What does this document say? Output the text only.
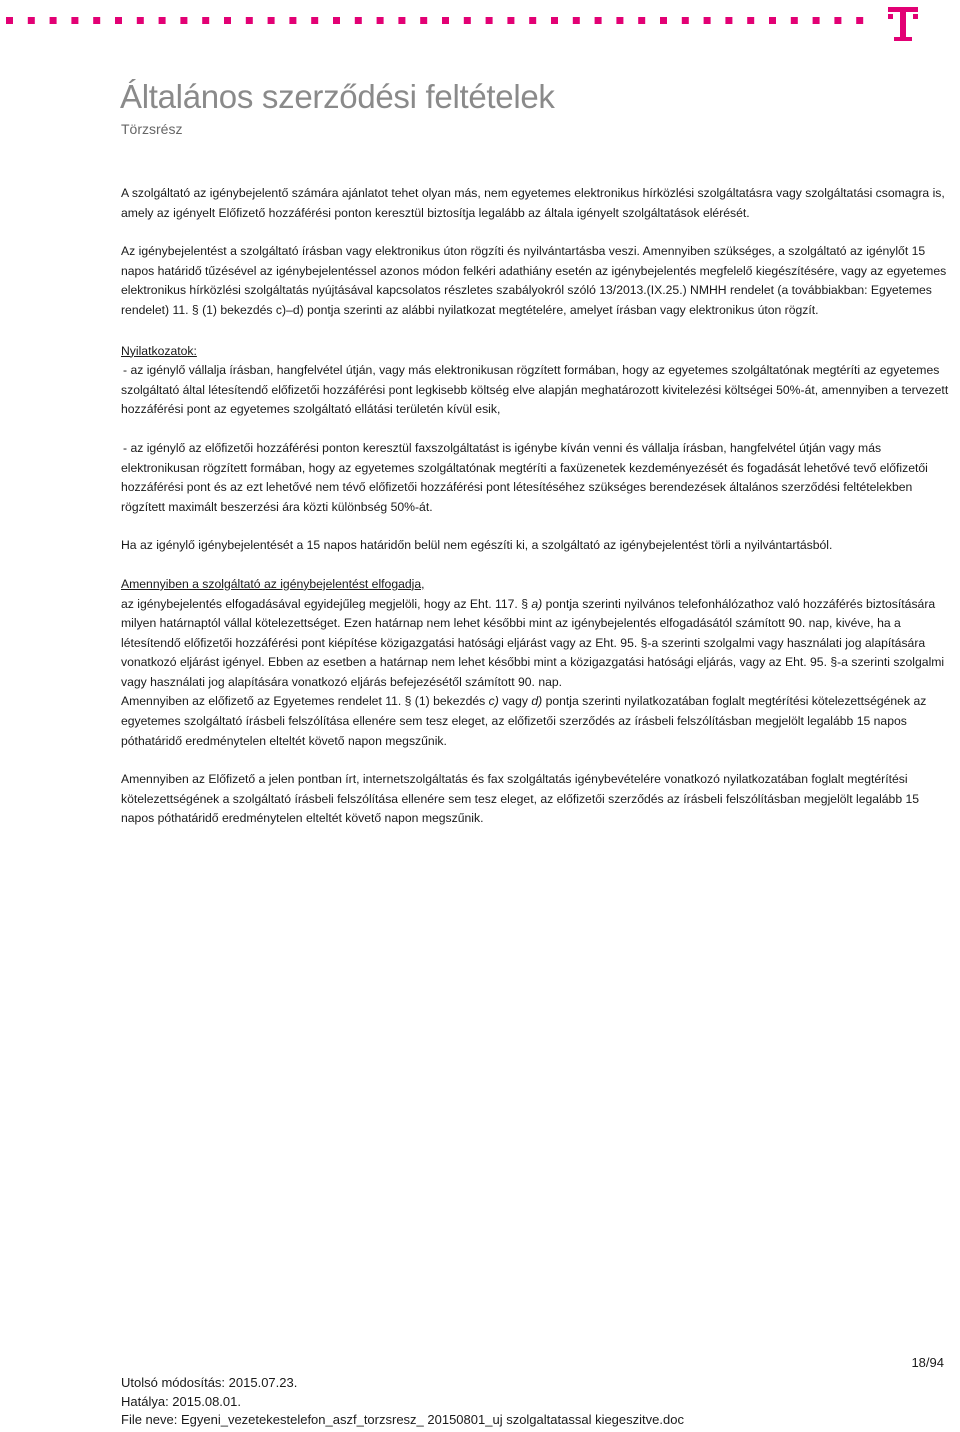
Általános szerződési feltételek
Törzsrész

A szolgáltató az igénybejelentő számára ajánlatot tehet olyan más, nem egyetemes elektronikus hírközlési szolgáltatásra vagy szolgáltatási csomagra is, amely az igényelt Előfizető hozzáférési ponton keresztül biztosítja legalább az általa igényelt szolgáltatások elérését.

Az igénybejelentést a szolgáltató írásban vagy elektronikus úton rögzíti és nyilvántartásba veszi. Amennyiben szükséges, a szolgáltató az igénylőt 15 napos határidő tűzésével az igénybejelentéssel azonos módon felkéri adathiány esetén az igénybejelentés megfelelő kiegészítésére, vagy az egyetemes elektronikus hírközlési szolgáltatás nyújtásával kapcsolatos részletes szabályokról szóló 13/2013.(IX.25.) NMHH rendelet (a továbbiakban: Egyetemes rendelet) 11. § (1) bekezdés c)–d) pontja szerinti az alábbi nyilatkozat megtételére, amelyet írásban vagy elektronikus úton rögzít.

Nyilatkozatok:

- az igénylő vállalja írásban, hangfelvétel útján, vagy más elektronikusan rögzített formában, hogy az egyetemes szolgáltatónak megtéríti az egyetemes szolgáltató által létesítendő előfizetői hozzáférési pont legkisebb költség elve alapján meghatározott kivitelezési költségei 50%-át, amennyiben a tervezett hozzáférési pont az egyetemes szolgáltató ellátási területén kívül esik,

- az igénylő az előfizetői hozzáférési ponton keresztül faxszolgáltatást is igénybe kíván venni és vállalja írásban, hangfelvétel útján vagy más elektronikusan rögzített formában, hogy az egyetemes szolgáltatónak megtéríti a faxüzenetek kezdeményezését és fogadását lehetővé tevő előfizetői hozzáférési pont és az ezt lehetővé nem tévő előfizetői hozzáférési pont létesítéséhez szükséges berendezések általános szerződési feltételekben rögzített maximált beszerzési ára közti különbség 50%-át.

Ha az igénylő igénybejelentését a 15 napos határidőn belül nem egészíti ki, a szolgáltató az igénybejelentést törli a nyilvántartásból.

Amennyiben a szolgáltató az igénybejelentést elfogadja,

az igénybejelentés elfogadásával egyidejűleg megjelöli, hogy az Eht. 117. § a) pontja szerinti nyilvános telefonhálózathoz való hozzáférés biztosítására milyen határnaptól vállal kötelezettséget. Ezen határnap nem lehet későbbi mint az igénybejelentés elfogadásától számított 90. nap, kivéve, ha a létesítendő előfizetői hozzáférési pont kiépítése közigazgatási hatósági eljárást vagy az Eht. 95. §-a szerinti szolgalmi vagy használati jog alapítására vonatkozó eljárást igényel. Ebben az esetben a határnap nem lehet későbbi mint a közigazgatási hatósági eljárás, vagy az Eht. 95. §-a szerinti szolgalmi vagy használati jog alapítására vonatkozó eljárás befejezésétől számított 90. nap.

Amennyiben az előfizető az Egyetemes rendelet 11. § (1) bekezdés c) vagy d) pontja szerinti nyilatkozatában foglalt megtérítési kötelezettségének az egyetemes szolgáltató írásbeli felszólítása ellenére sem tesz eleget, az előfizetői szerződés az írásbeli felszólításban megjelölt legalább 15 napos póthatáridő eredménytelen elteltét követő napon megszűnik.

Amennyiben az Előfizető a jelen pontban írt, internetszolgáltatás és fax szolgáltatás igénybevételére vonatkozó nyilatkozatában foglalt megtérítési kötelezettségének a szolgáltató írásbeli felszólítása ellenére sem tesz eleget, az előfizetői szerződés az írásbeli felszólításban megjelölt legalább 15 napos póthatáridő eredménytelen elteltét követő napon megszűnik.

18/94
Utolsó módosítás: 2015.07.23.
Hatálya: 2015.08.01.
File neve: Egyeni_vezetekestelefon_aszf_torzsresz_ 20150801_uj szolgaltatassal kiegeszitve.doc
